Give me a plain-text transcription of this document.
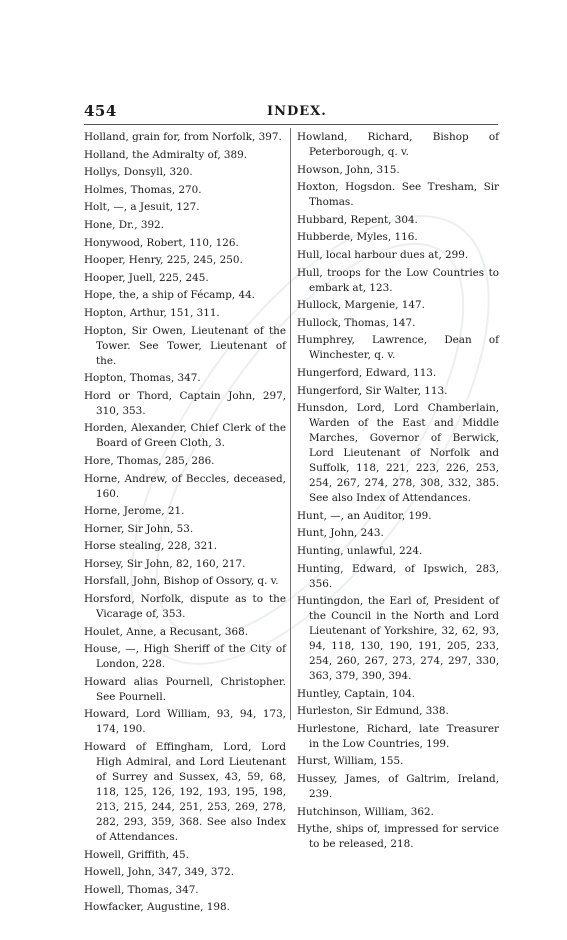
454	INDEX.
Holland, grain for, from Norfolk, 397.
Holland, the Admiralty of, 389.
Hollys, Donsyll, 320.
Holmes, Thomas, 270.
Holt, —, a Jesuit, 127.
Hone, Dr., 392.
Honywood, Robert, 110, 126.
Hooper, Henry, 225, 245, 250.
Hooper, Juell, 225, 245.
Hope, the, a ship of Fécamp, 44.
Hopton, Arthur, 151, 311.
Hopton, Sir Owen, Lieutenant of the Tower. See Tower, Lieutenant of the.
Hopton, Thomas, 347.
Hord or Thord, Captain John, 297, 310, 353.
Horden, Alexander, Chief Clerk of the Board of Green Cloth, 3.
Hore, Thomas, 285, 286.
Horne, Andrew, of Beccles, deceased, 160.
Horne, Jerome, 21.
Horner, Sir John, 53.
Horse stealing, 228, 321.
Horsey, Sir John, 82, 160, 217.
Horsfall, John, Bishop of Ossory, q. v.
Horsford, Norfolk, dispute as to the Vicarage of, 353.
Houlet, Anne, a Recusant, 368.
House, —, High Sheriff of the City of London, 228.
Howard alias Pournell, Christopher. See Pournell.
Howard, Lord William, 93, 94, 173, 174, 190.
Howard of Effingham, Lord, Lord High Admiral, and Lord Lieutenant of Surrey and Sussex, 43, 59, 68, 118, 125, 126, 192, 193, 195, 198, 213, 215, 244, 251, 253, 269, 278, 282, 293, 359, 368. See also Index of Attendances.
Howell, Griffith, 45.
Howell, John, 347, 349, 372.
Howell, Thomas, 347.
Howfacker, Augustine, 198.
Howland, Richard, Bishop of Peterborough, q. v.
Howson, John, 315.
Hoxton, Hogsdon. See Tresham, Sir Thomas.
Hubbard, Repent, 304.
Hubberde, Myles, 116.
Hull, local harbour dues at, 299.
Hull, troops for the Low Countries to embark at, 123.
Hullock, Margenie, 147.
Hullock, Thomas, 147.
Humphrey, Lawrence, Dean of Winchester, q. v.
Hungerford, Edward, 113.
Hungerford, Sir Walter, 113.
Hunsdon, Lord, Lord Chamberlain, Warden of the East and Middle Marches, Governor of Berwick, Lord Lieutenant of Norfolk and Suffolk, 118, 221, 223, 226, 253, 254, 267, 274, 278, 308, 332, 385. See also Index of Attendances.
Hunt, —, an Auditor, 199.
Hunt, John, 243.
Hunting, unlawful, 224.
Hunting, Edward, of Ipswich, 283, 356.
Huntingdon, the Earl of, President of the Council in the North and Lord Lieutenant of Yorkshire, 32, 62, 93, 94, 118, 130, 190, 191, 205, 233, 254, 260, 267, 273, 274, 297, 330, 363, 379, 390, 394.
Huntley, Captain, 104.
Hurleston, Sir Edmund, 338.
Hurlestone, Richard, late Treasurer in the Low Countries, 199.
Hurst, William, 155.
Hussey, James, of Galtrim, Ireland, 239.
Hutchinson, William, 362.
Hythe, ships of, impressed for service to be released, 218.
